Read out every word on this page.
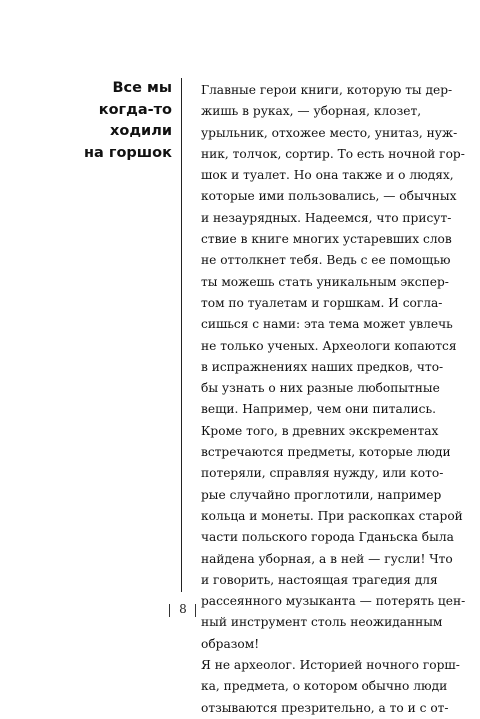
Все мы
когда-то
ходили
на горшок
Главные герои книги, которую ты дер-
жишь в руках, — уборная, клозет,
урыльник, отхожее место, унитаз, нуж-
ник, толчок, сортир. То есть ночной гор-
шок и туалет. Но она также и о людях,
которые ими пользовались, — обычных
и незаурядных. Надеемся, что присут-
ствие в книге многих устаревших слов
не оттолкнет тебя. Ведь с ее помощью
ты можешь стать уникальным экспер-
том по туалетам и горшкам. И согла-
сишься с нами: эта тема может увлечь
не только ученых. Археологи копаются
в испражнениях наших предков, что-
бы узнать о них разные любопытные
вещи. Например, чем они питались.
Кроме того, в древних экскрементах
встречаются предметы, которые люди
потеряли, справляя нужду, или кото-
рые случайно проглотили, например
кольца и монеты. При раскопках старой
части польского города Гданьска была
найдена уборная, а в ней — гусли! Что
и говорить, настоящая трагедия для
рассеянного музыканта — потерять цен-
ный инструмент столь неожиданным
образом!
Я не археолог. Историей ночного горш-
ка, предмета, о котором обычно люди
отзываются презрительно, а то и с от-
8
